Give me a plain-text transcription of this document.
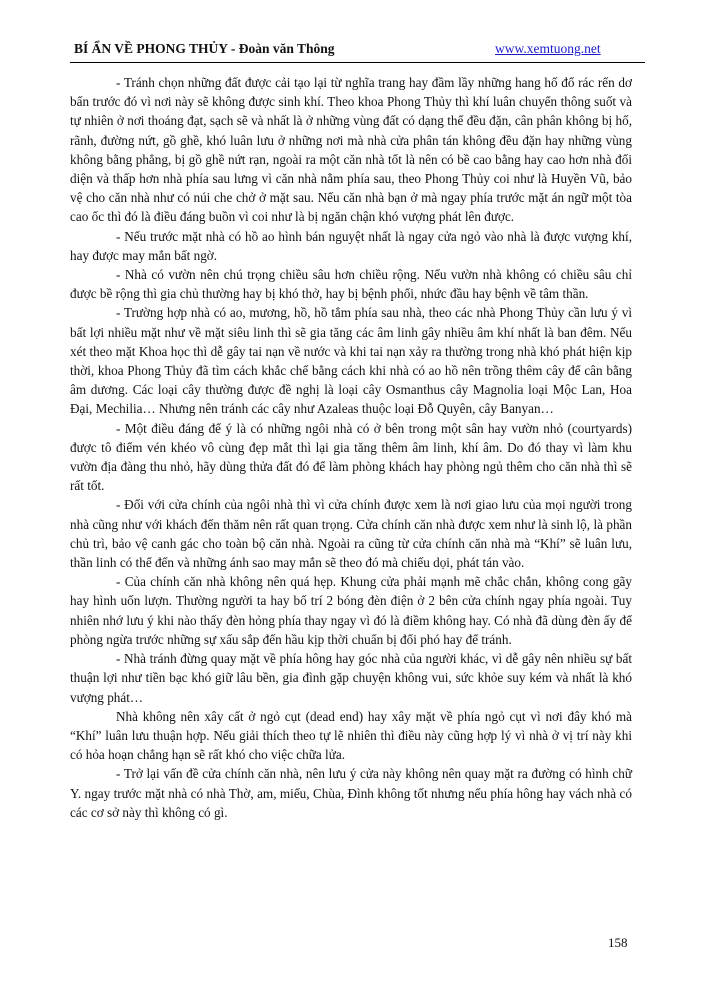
BÍ ẨN VỀ PHONG THỦY - Đoàn văn Thông	www.xemtuong.net

- Tránh chọn những đất được cải tạo lại từ nghĩa trang hay đầm lầy những hang hố đổ rác rến dơ bẩn trước đó vì nơi này sẽ không được sinh khí. Theo khoa Phong Thủy thì khí luân chuyển thông suốt và tự nhiên ở nơi thoáng đạt, sạch sẽ và nhất là ở những vùng đất có dạng thể đều đặn, cân phân không bị hố, rãnh, đường nứt, gồ ghề, khó luân lưu ở những nơi mà nhà cửa phân tán không đều đặn hay những vùng không bằng phẳng, bị gồ ghề nứt rạn, ngoài ra một căn nhà tốt là nên có bề cao bằng hay cao hơn nhà đối diện và thấp hơn nhà phía sau lưng vì căn nhà nằm phía sau, theo Phong Thủy coi như là Huyền Vũ, bảo vệ cho căn nhà như có núi che chở ở mặt sau. Nếu căn nhà bạn ở mà ngay phía trước mặt án ngữ một tòa cao ốc thì đó là điều đáng buồn vì coi như là bị ngăn chận khó vượng phát lên được.

- Nếu trước mặt nhà có hồ ao hình bán nguyệt nhất là ngay cửa ngỏ vào nhà là được vượng khí, hay được may mắn bất ngờ.

- Nhà có vườn nên chú trọng chiều sâu hơn chiều rộng. Nếu vườn nhà không có chiều sâu chỉ được bề rộng thì gia chủ thường hay bị khó thở, hay bị bệnh phổi, nhức đầu hay bệnh về tâm thần.

- Trường hợp nhà có ao, mương, hồ, hồ tắm phía sau nhà, theo các nhà Phong Thủy cần lưu ý vì bất lợi nhiều mặt như về mặt siêu linh thì sẽ gia tăng các âm linh gây nhiều âm khí nhất là ban đêm. Nếu xét theo mặt Khoa học thì dễ gây tai nạn về nước và khi tai nạn xảy ra thường trong nhà khó phát hiện kịp thời, khoa Phong Thủy đã tìm cách khắc chế bằng cách khi nhà có ao hồ nên trồng thêm cây để cân bằng âm dương. Các loại cây thường được đề nghị là loại cây Osmanthus cây Magnolia loại Mộc Lan, Hoa Đại, Mechilia… Nhưng nên tránh các cây như Azaleas thuộc loại Đỗ Quyên, cây Banyan…

- Một điều đáng để ý là có những ngôi nhà có ở bên trong một sân hay vườn nhỏ (courtyards) được tô điểm vén khéo vô cùng đẹp mắt thì lại gia tăng thêm âm linh, khí âm. Do đó thay vì làm khu vườn địa đàng thu nhỏ, hãy dùng thửa đất đó để làm phòng khách hay phòng ngủ thêm cho căn nhà thì sẽ rất tốt.

- Đối với cửa chính của ngôi nhà thì vì cửa chính được xem là nơi giao lưu của mọi người trong nhà cũng như với khách đến thăm nên rất quan trọng. Cửa chính căn nhà được xem như là sinh lộ, là phần chủ trì, bảo vệ canh gác cho toàn bộ căn nhà. Ngoài ra cũng từ cửa chính căn nhà mà “Khí” sẽ luân lưu, thần linh có thể đến và những ánh sao may mắn sẽ theo đó mà chiếu dọi, phát tán vào.

- Của chính căn nhà không nên quá hẹp. Khung cửa phải mạnh mẽ chắc chắn, không cong gãy hay hình uốn lượn. Thường người ta hay bố trí 2 bóng đèn điện ở 2 bên cửa chính ngay phía ngoài. Tuy nhiên nhớ lưu ý khi nào thấy đèn hỏng phía thay ngay vì đó là điềm không hay. Có nhà đã dùng đèn ấy để phòng ngừa trước những sự xấu sắp đến hầu kịp thời chuẩn bị đối phó hay để tránh.

- Nhà tránh đừng quay mặt về phía hông hay góc nhà của người khác, vì dễ gây nên nhiều sự bất thuận lợi như tiền bạc khó giữ lâu bền, gia đình gặp chuyện không vui, sức khỏe suy kém và nhất là khó vượng phát…

Nhà không nên xây cất ở ngỏ cụt (dead end) hay xây mặt về phía ngỏ cụt vì nơi đây khó mà “Khí” luân lưu thuận hợp. Nếu giải thích theo tự lẽ nhiên thì điều này cũng hợp lý vì nhà ở vị trí này khi có hỏa hoạn chẳng hạn sẽ rất khó cho việc chữa lửa.

- Trở lại vấn đề cửa chính căn nhà, nên lưu ý cửa này không nên quay mặt ra đường có hình chữ Y. ngay trước mặt nhà có nhà Thờ, am, miếu, Chùa, Đình không tốt nhưng nếu phía hông hay vách nhà có các cơ sở này thì không có gì.

158
